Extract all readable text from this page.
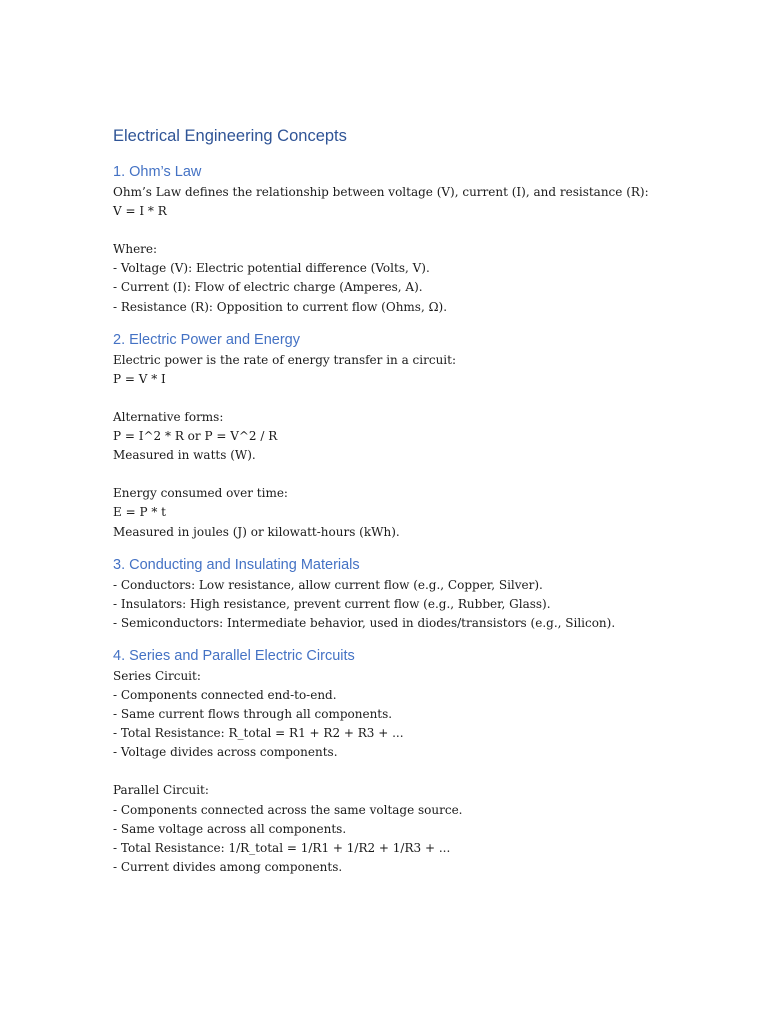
Electrical Engineering Concepts
1. Ohm’s Law

Ohm’s Law defines the relationship between voltage (V), current (I), and resistance (R):

V = I * R

Where:

- Voltage (V): Electric potential difference (Volts, V).

- Current (I): Flow of electric charge (Amperes, A).

- Resistance (R): Opposition to current flow (Ohms, Ω).

2. Electric Power and Energy

Electric power is the rate of energy transfer in a circuit:

P = V * I

Alternative forms:

P = I^2 * R or P = V^2 / R

Measured in watts (W).

Energy consumed over time:

E = P * t

Measured in joules (J) or kilowatt-hours (kWh).

3. Conducting and Insulating Materials

- Conductors: Low resistance, allow current flow (e.g., Copper, Silver).

- Insulators: High resistance, prevent current flow (e.g., Rubber, Glass).

- Semiconductors: Intermediate behavior, used in diodes/transistors (e.g., Silicon).

4. Series and Parallel Electric Circuits

Series Circuit:

- Components connected end-to-end.

- Same current flows through all components.

- Total Resistance: R_total = R1 + R2 + R3 + ...

- Voltage divides across components.

Parallel Circuit:

- Components connected across the same voltage source.

- Same voltage across all components.

- Total Resistance: 1/R_total = 1/R1 + 1/R2 + 1/R3 + ...

- Current divides among components.
